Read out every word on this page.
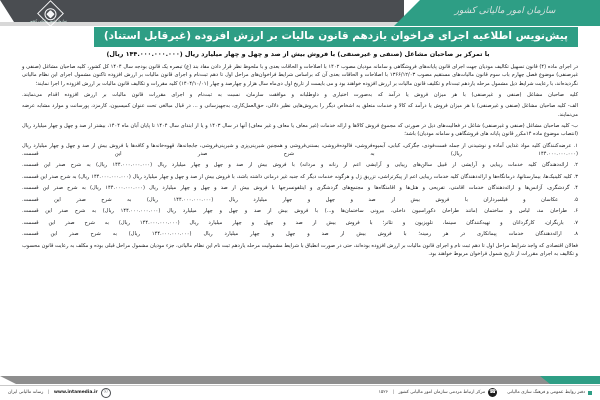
سازمان امور مالیاتی کشور
سازمان امور مالیاتی کشور
پیش‌نویس اطلاعیه اجرای فراخوان یازدهم قانون مالیات بر ارزش افزوده (غیرقابل استناد)
با تمرکز بر صاحبان مشاغل (صنفی و غیرصنفی) با فروش بیش از صد و چهل و چهار میلیارد ریال (۱۴۴.۰۰۰.۰۰۰.۰۰۰ ریال)

در اجرای ماده (۴) قانون تسهیل تکالیف مودیان جهت اجرای قانون پایانه‌های فروشگاهی و سامانه مودیان مصوب ۱۴۰۲ با اصلاحات و الحاقات بعدی و با ملحوظ نظر قرار دادن مفاد بند (غ) تبصره یک قانون بودجه سال ۱۴۰۴ کل کشور، کلیه صاحبان مشاغل (صنفی و غیرصنفی) موضوع فصل چهارم باب سوم قانون مالیات‌های مستقیم مصوب ۱۳۶۶/۱۲/۰۳ با اصلاحات و الحاقات بعدی آن که براساس شرایط فراخوان‌های مراحل اول تا دهم ثبت‌نام و اجرای قانون مالیات بر ارزش افزوده تاکنون مشمول اجرای این نظام مالیاتی نگردیده‌اند، با رعایت شرایط ذیل مشمول مرحله یازدهم ثبت‌نام و تکلیف قانون مالیات بر ارزش افزوده خواهند بود و می بایست از تاریخ اول دی‌ماه سال هزار و چهارصد و چهار (۱۴۰۴/۱۰/۰۱) کلیه مقررات و تکالیف قانون مالیات بر ارزش افزوده را اجرا نمایند؛

کلیه صاحبان مشاغل (صنفی و غیرصنفی) با هر میزان فروش یا درآمد که به‌صورت اختیاری و داوطلبانه و موافقت سازمان، نسبت به ثبت‌نام و اجرای مقررات قانون مالیات بر ارزش افزوده اقدام می‌نمایند.

الف- کلیه صاحبان مشاغل (صنفی و غیرصنفی) با هر میزان فروش یا درآمد که کالا و خدمات متعلق به اشخاص دیگر را به‌روش‌هایی نظیر دلالی، حق‌العمل‌کاری، به‌جهیزسانی و ... در قبال مبالغی تحت عنوان کمیسیون، کارمزد، پورسانت و موارد مشابه عرضه می‌نمایند.

ب- کلیه صاحبان مشاغل (صنفی و غیرصنفی) شاغل در فعالیت‌های ذیل در صورتی که مجموع فروش کالاها و ارائه خدمات (غیر معاف یا معاف و غیر معاف) آنها در سال ۱۴۰۳ و یا از ابتدای سال ۱۴۰۴ تا پایان آبان ماه ۱۴۰۴، بیشتر از صد و چهل و چهار میلیارد ریال (انتصاب موضوع ماده ۱۴مکرر قانون پایانه های فروشگاهی و سامانه مودیان) باشد؛

۱. عرضه‌کنندگان کلیه مواد غذایی آماده و نوشیدنی از جمله فست‌فودی، جگرکی، کبابی، آبمیوه‌فروشی، فالوده‌فروشی، بستنی‌فروشی و همچنین شیرینی‌پزی و شیرینی‌فروشی، جابجانه‌ها، قهوه‌خانه‌ها و کافه‌ها با فروش بیش از صد و چهل و چهار میلیارد ریال (۱۴۴.۰۰۰.۰۰۰.۰۰۰ ریال) به شرح صدر این قسمت.

۲. ارائه‌دهندگان کلیه خدمات زیبایی و آرایشی از قبیل سالن‌های زیبایی و آرایشی اعم از زنانه و مردانه) با فروش بیش از صد و چهل و چهار میلیارد ریال (۱۴۴.۰۰۰.۰۰۰.۰۰۰ ریال) به شرح صدر این قسمت.

۳. کلیه کلینیک‌ها، بیمارستانها، درمانگاه‌ها و ارائه‌دهندگان کلیه خدمات زیبایی اعم از پیکرتراشی، تزریق ژل و هرگونه خدمات دیگر که جنبه غیر درمانی داشته باشد، با فروش بیش از صد و چهل و چهار میلیارد ریال (۱۴۴.۰۰۰.۰۰۰.۰۰۰ ریال) به شرح صدر این قسمت.

۴. گردشگری، آژانس‌ها و ارائه‌دهندگان خدمات اقامتی، تفریحی و هتل‌ها و اقامتگاه‌ها و مجتمع‌های گردشگری و ایتلفونسرجها با فروش بیش از صد و چهل و چهار میلیارد ریال (۱۴۴.۰۰۰.۰۰۰.۰۰۰ ریال) به شرح صدر این قسمت.

۵. عکاسان و فیلمبرداران با فروش بیش از صد و چهل و چهار میلیارد ریال (۱۴۴.۰۰۰.۰۰۰.۰۰۰ ریال) به شرح صدر این قسمت.

۶. طراحان مد، لباس و ساختمان (مانند طراحان دکوراسیون داخلی، بیرونی ساختمان‌ها و...) با فروش بیش از صد و چهل و چهار میلیارد ریال (۱۴۴.۰۰۰.۰۰۰.۰۰۰ ریال) به شرح صدر این قسمت.

۷. بازیگران، کارگردانان و تهیه‌کنندگان سینما، تلویزیون و تئاتر؛ با فروش بیش از صد و چهل و چهار میلیارد ریال (۱۴۴.۰۰۰.۰۰۰.۰۰۰ ریال) به شرح صدر این قسمت.

۸. ارائه‌دهندگان خدمات پیمانکاری در هر زمینه؛ با فروش بیش از صد و چهل و چهار میلیارد ریال (۱۴۴.۰۰۰.۰۰۰.۰۰۰ ریال) به شرح صدر این قسمت.

فعالان اقتصادی که واجد شرایط مراحل اول تا دهم ثبت نام و اجرای قانون مالیات بر ارزش افزوده بوده‌اند، حتی در صورت انطباق با شرایط مشمولیت مرحله یازدهم ثبت نام این نظام مالیاتی، جزء مودیان مشمول مراحل قبلی بوده و مکلف به رعایت قانون محسوب و تکالیف به اجرای مقررات از تاریخ شمول فراخوان مربوط خواهند بود.

دفتر روابط عمومی و فرهنگ سازی مالیاتی
☎
مرکز ارتباط مردمی سازمان امور مالیاتی کشور
|
۱۵۲۶
☉
www.intamedia.ir
|
رسانه مالیاتی ایران
